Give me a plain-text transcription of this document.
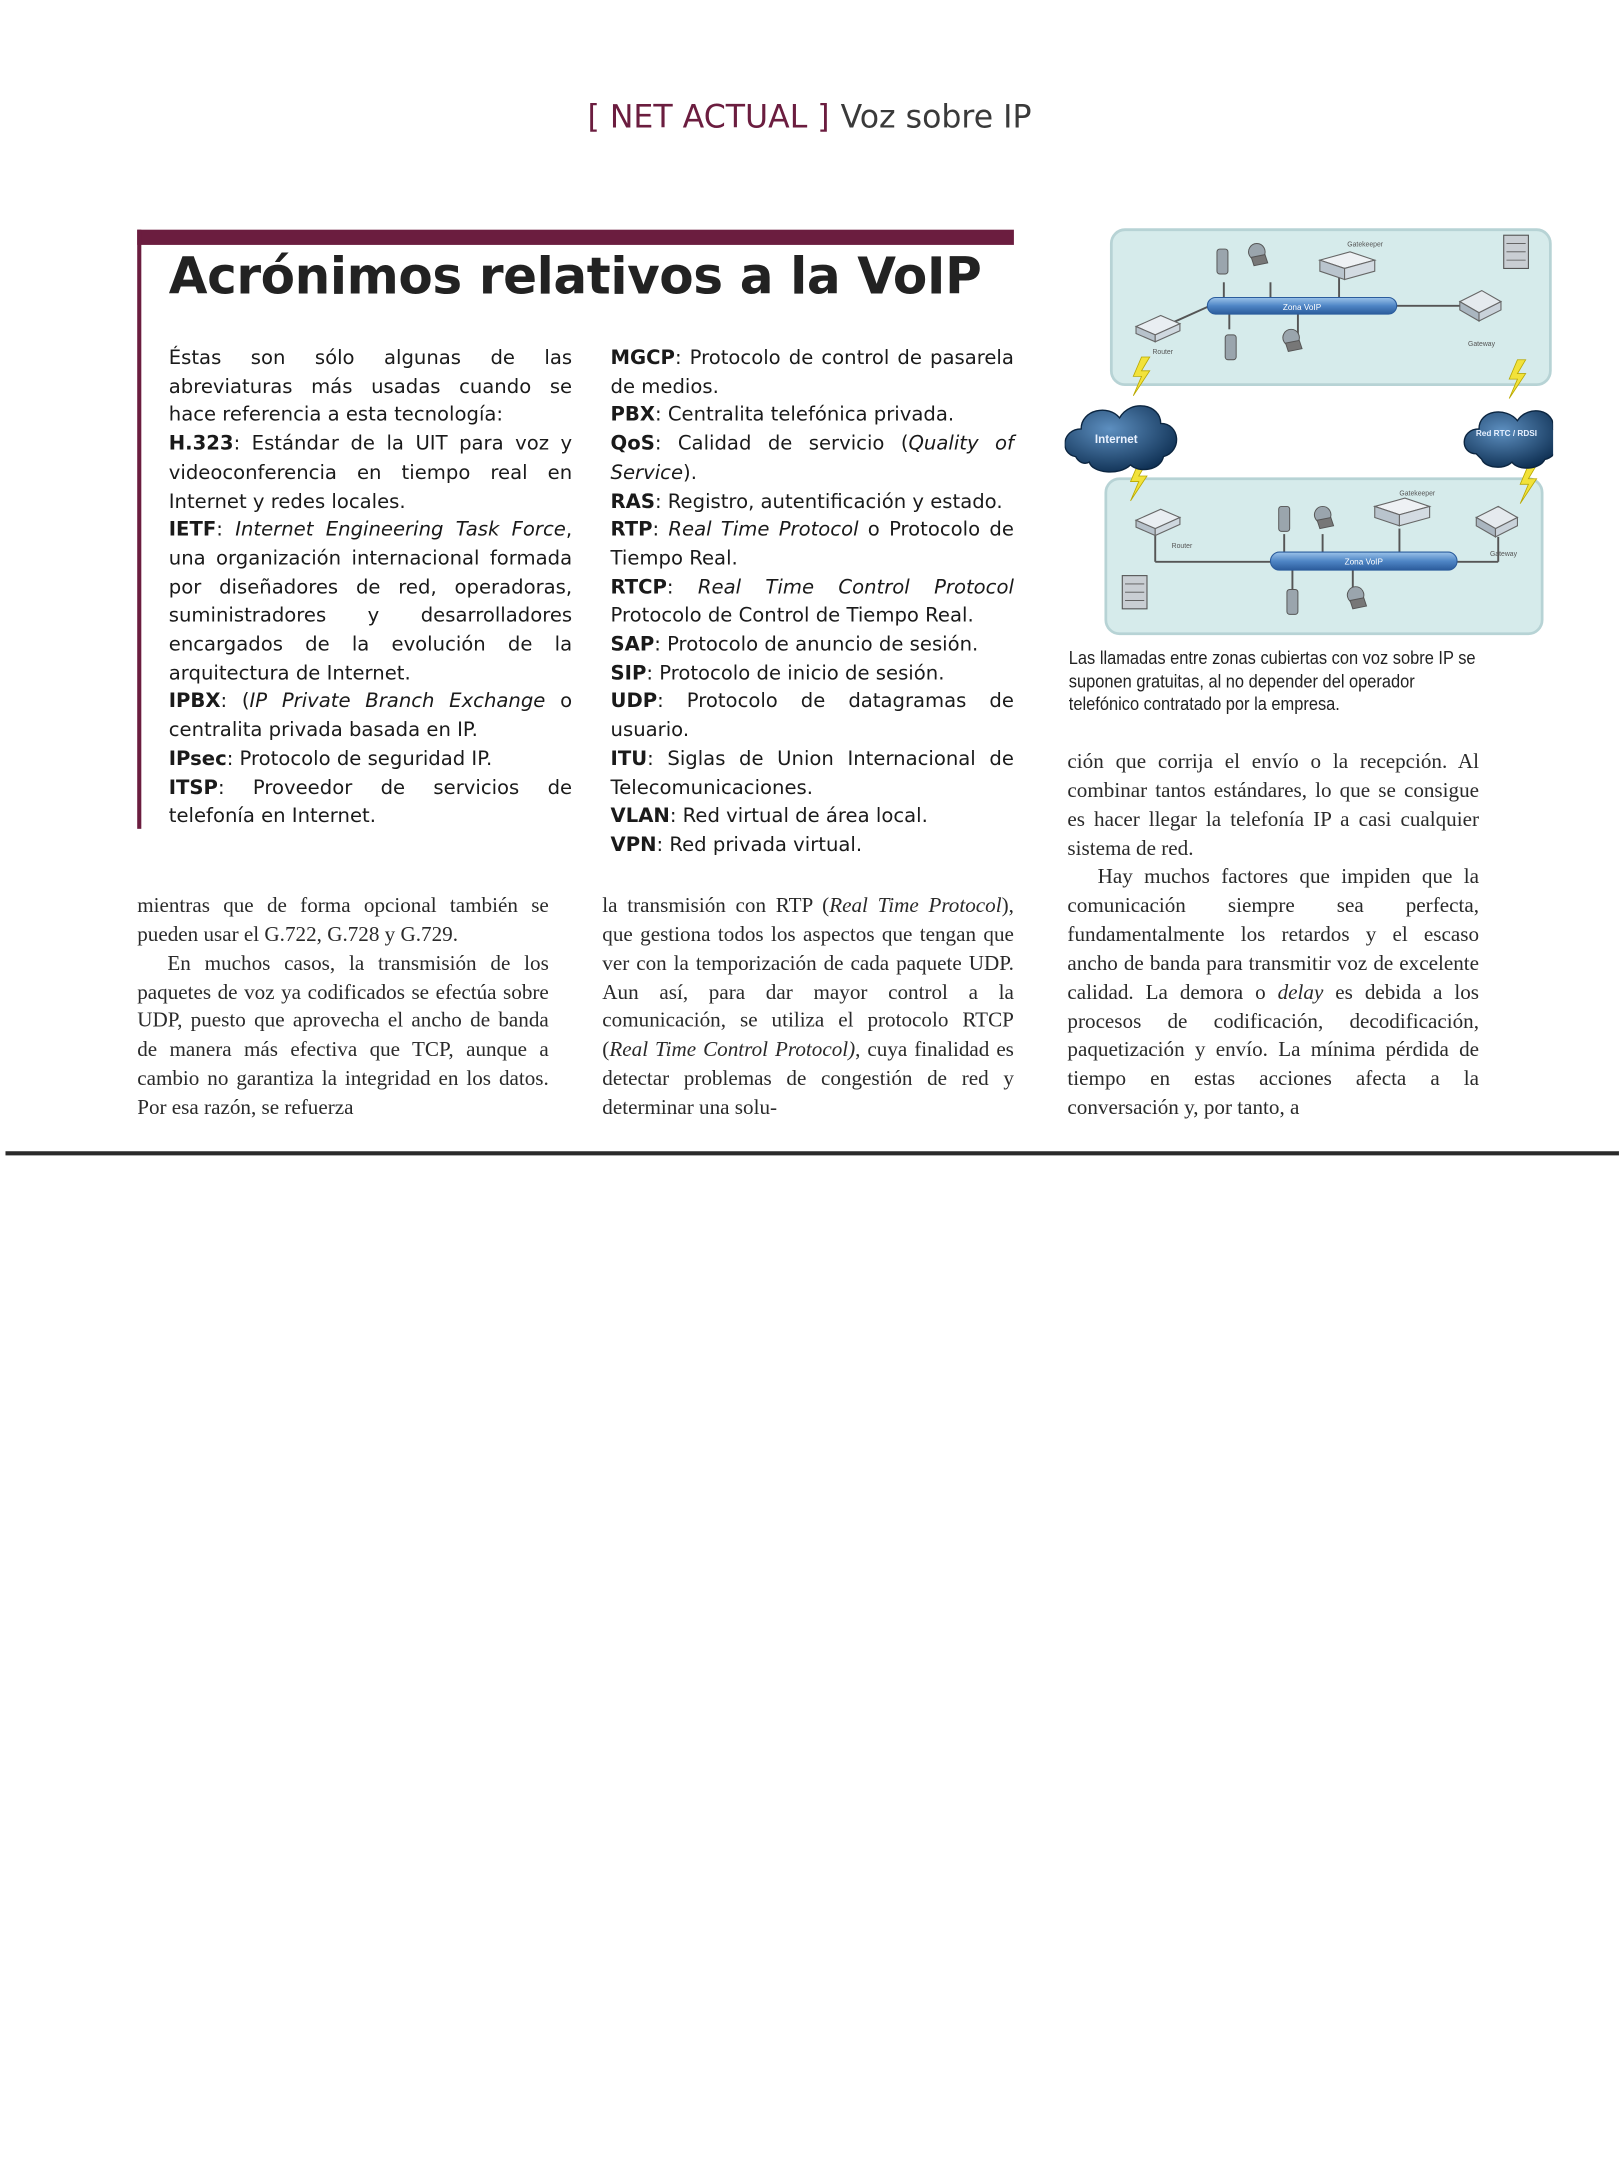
[ NET ACTUAL ] Voz sobre IP
Acrónimos relativos a la VoIP

Éstas son sólo algunas de las abreviaturas más usadas cuando se hace referencia a esta tecnología:

H.323: Estándar de la UIT para voz y videoconferencia en tiempo real en Internet y redes locales.

IETF: Internet Engineering Task Force, una organización internacional formada por diseñadores de red, operadoras, suministradores y desarrolladores encargados de la evolución de la arquitectura de Internet.

IPBX: (IP Private Branch Exchange o centralita privada basada en IP.

IPsec: Protocolo de seguridad IP.

ITSP: Proveedor de servicios de telefonía en Internet.

MGCP: Protocolo de control de pasarela de medios.

PBX: Centralita telefónica privada.

QoS: Calidad de servicio (Quality of Service).

RAS: Registro, autentificación y estado.

RTP: Real Time Protocol o Protocolo de Tiempo Real.

RTCP: Real Time Control Protocol Protocolo de Control de Tiempo Real.

SAP: Protocolo de anuncio de sesión.

SIP: Protocolo de inicio de sesión.

UDP: Protocolo de datagramas de usuario.

ITU: Siglas de Union Internacional de Telecomunicaciones.

VLAN: Red virtual de área local.

VPN: Red privada virtual.

Zona VoIP
Router
Gatekeeper
Gateway
Zona VoIP
Router
Gatekeeper
Gateway
Internet	Red RTC / RDSI
Las llamadas entre zonas cubiertas con voz sobre IP se suponen gratuitas, al no depender del operador telefónico contratado por la empresa.

mientras que de forma opcional también se pueden usar el G.722, G.728 y G.729.

En muchos casos, la transmisión de los paquetes de voz ya codificados se efectúa sobre UDP, puesto que aprovecha el ancho de banda de manera más efectiva que TCP, aunque a cambio no garantiza la integridad en los datos. Por esa razón, se refuerza

la transmisión con RTP (Real Time Protocol), que gestiona todos los aspectos que tengan que ver con la temporización de cada paquete UDP. Aun así, para dar mayor control a la comunicación, se utiliza el protocolo RTCP (Real Time Control Protocol), cuya finalidad es detectar problemas de congestión de red y determinar una solu-

ción que corrija el envío o la recepción. Al combinar tantos estándares, lo que se consigue es hacer llegar la telefonía IP a casi cualquier sistema de red.

Hay muchos factores que impiden que la comunicación siempre sea perfecta, fundamentalmente los retardos y el escaso ancho de banda para transmitir voz de excelente calidad. La demora o delay es debida a los procesos de codificación, decodificación, paquetización y envío. La mínima pérdida de tiempo en estas acciones afecta a la conversación y, por tanto, a
